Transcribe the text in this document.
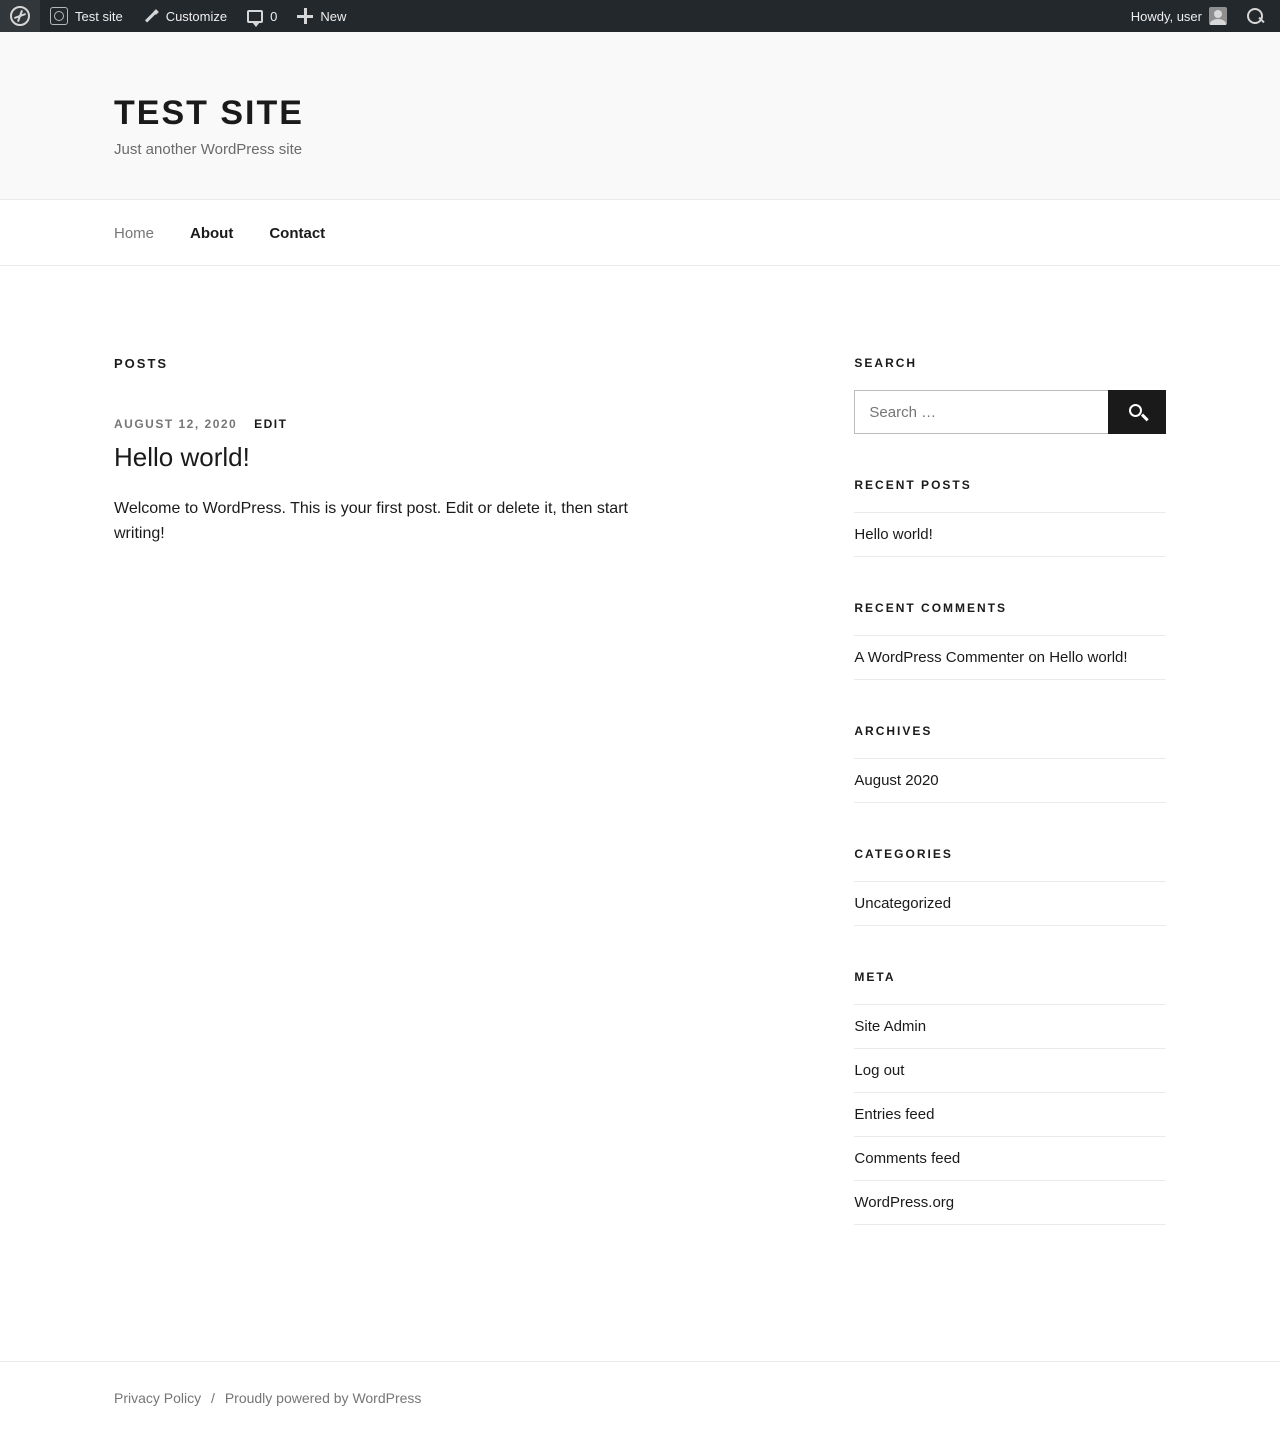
Test site	Customize	0	New	Howdy, user
TEST SITE

Just another WordPress site

Home About Contact
POSTS
AUGUST 12, 2020 EDIT
Hello world!

Welcome to WordPress. This is your first post. Edit or delete it, then start writing!

SEARCH
Search …
RECENT POSTS
Hello world!
RECENT COMMENTS
A WordPress Commenter on Hello world!
ARCHIVES
August 2020
CATEGORIES
Uncategorized
META
Site Admin
Log out
Entries feed
Comments feed
WordPress.org
Privacy Policy / Proudly powered by WordPress
